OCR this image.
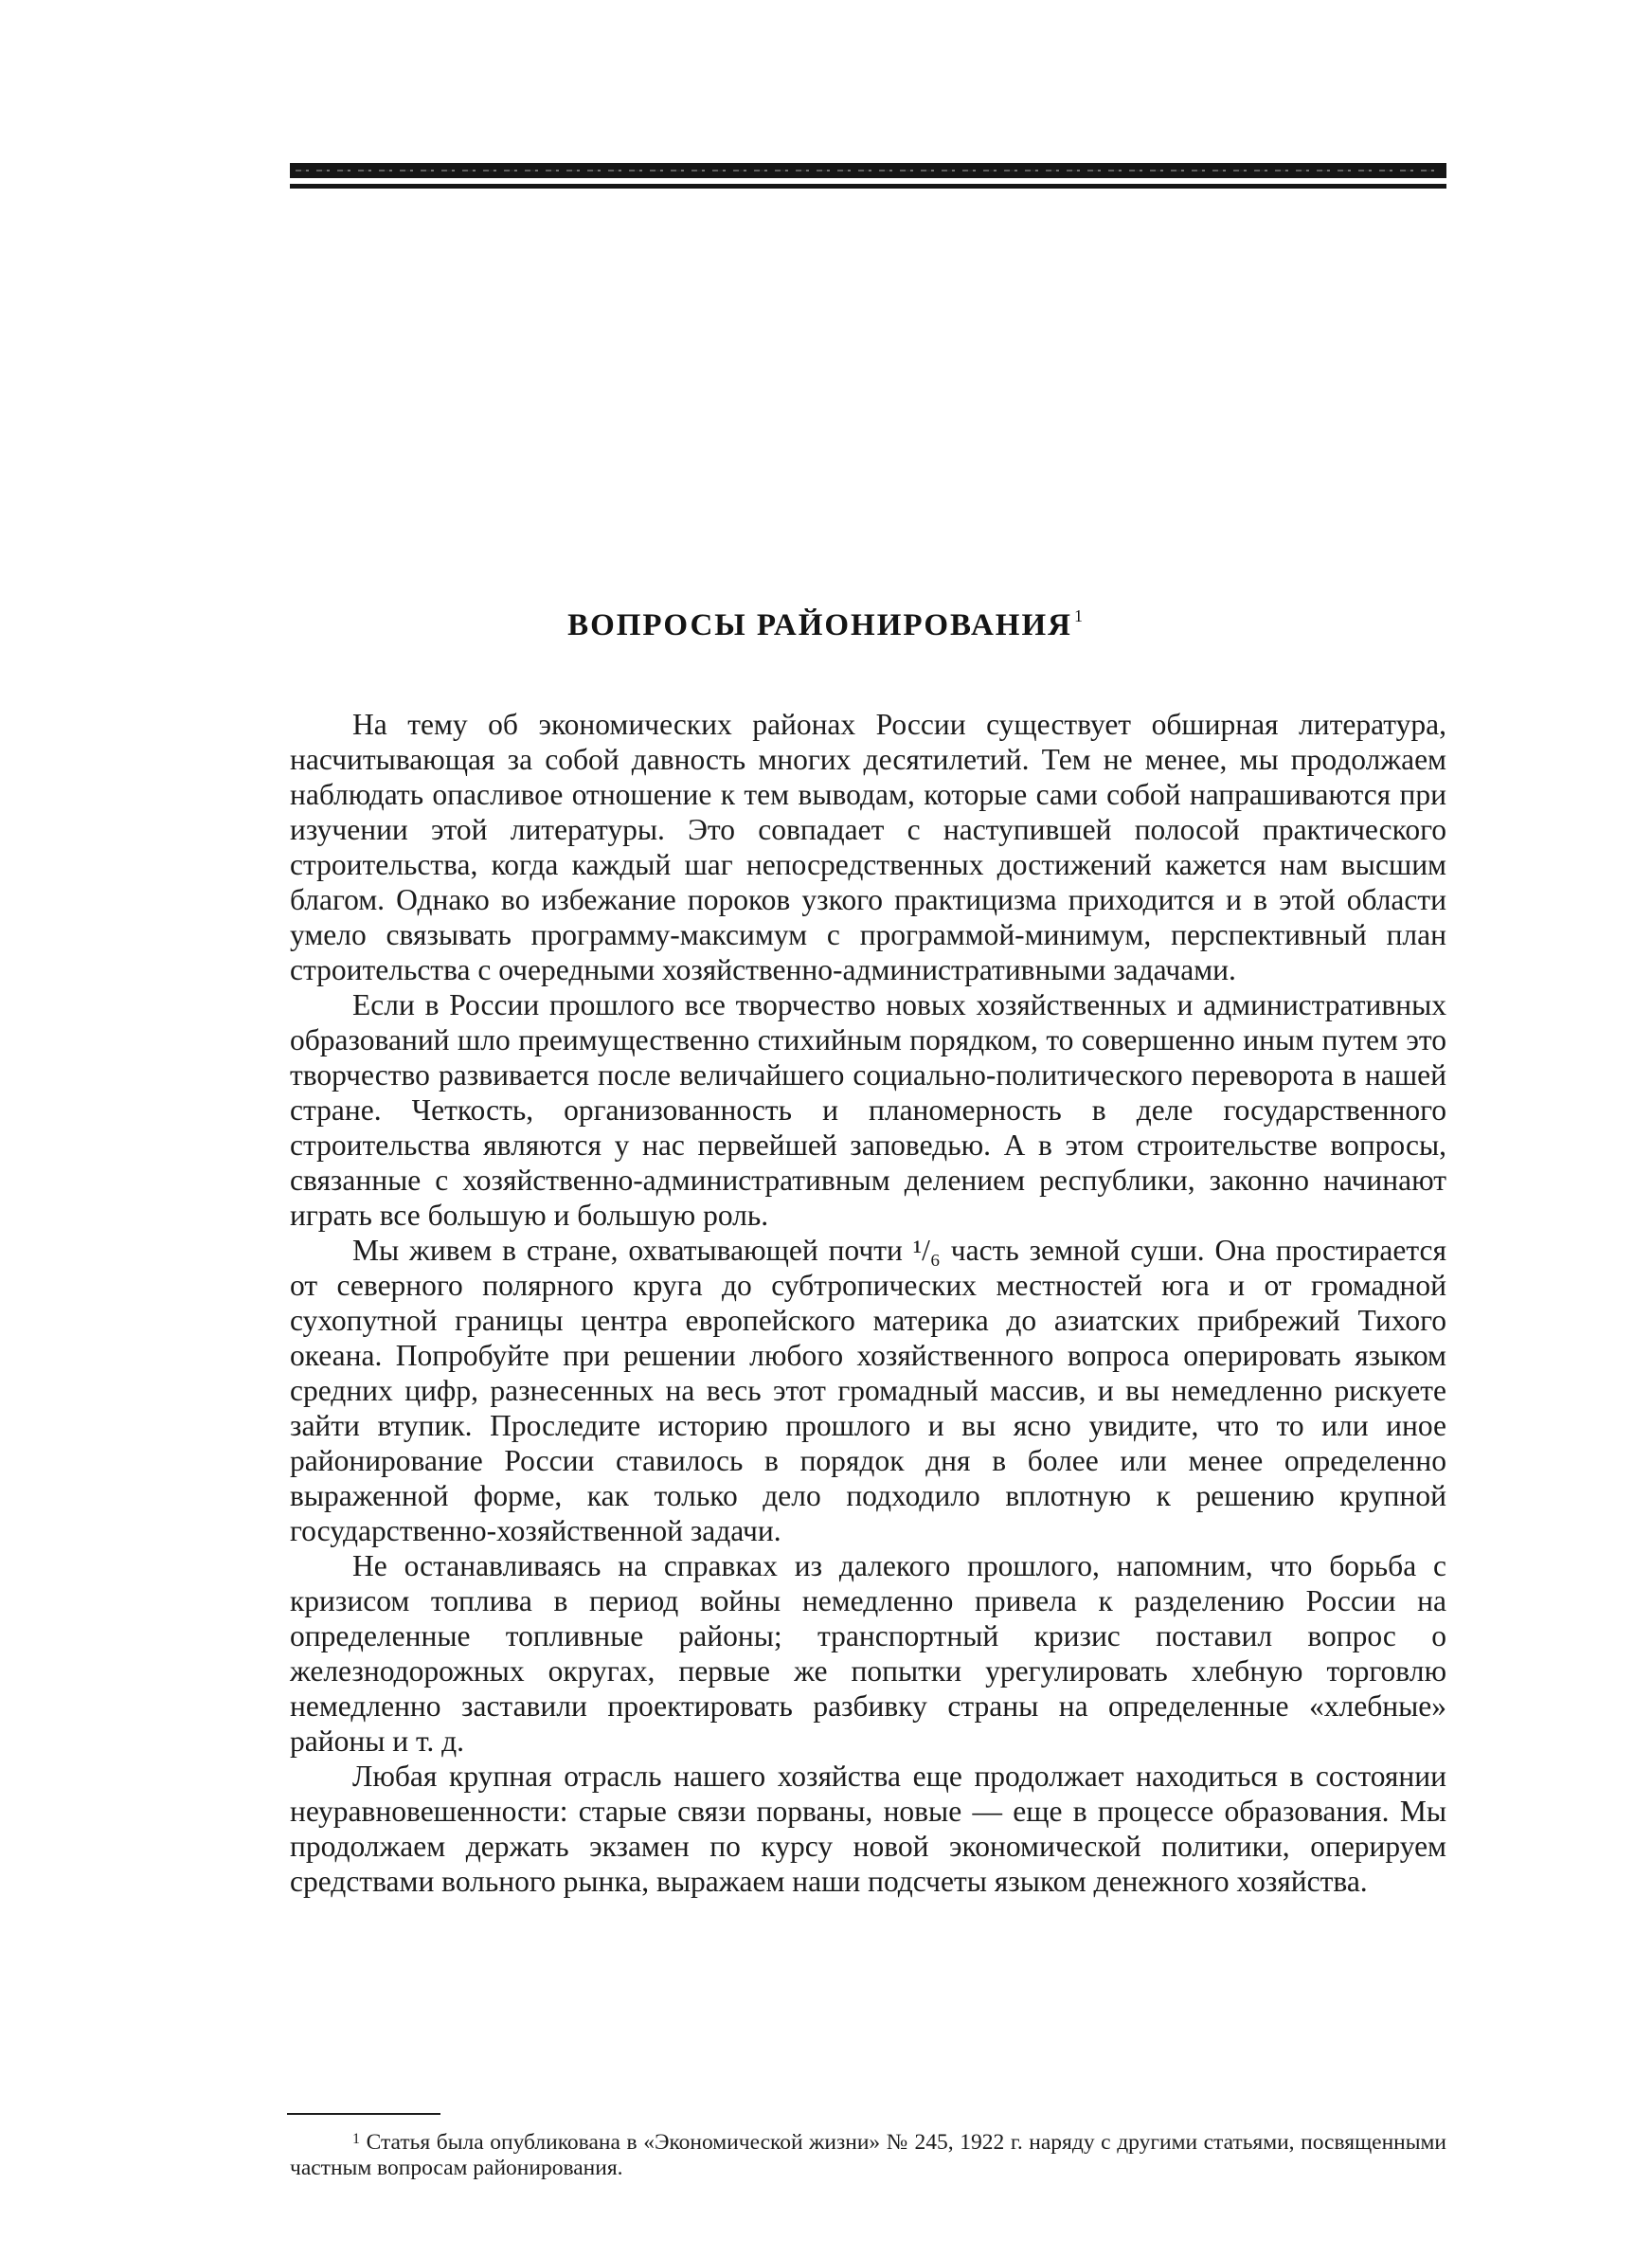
ВОПРОСЫ РАЙОНИРОВАНИЯ $^1$

На тему об экономических районах России существует обширная литература, насчитывающая за собой давность многих десятилетий. Тем не менее, мы продолжаем наблюдать опасливое отношение к тем выводам, которые сами собой напрашиваются при изучении этой литературы. Это совпадает с наступившей полосой практического строительства, когда каждый шаг непосредственных достижений кажется нам высшим благом. Однако во избежание пороков узкого практицизма приходится и в этой области умело связывать программу-максимум с программой-минимум, перспективный план строительства с очередными хозяйственно-административными задачами.

Если в России прошлого все творчество новых хозяйственных и административных образований шло преимущественно стихийным порядком, то совершенно иным путем это творчество развивается после величайшего социально-политического переворота в нашей стране. Четкость, организованность и планомерность в деле государственного строительства являются у нас первейшей заповедью. А в этом строительстве вопросы, связанные с хозяйственно-административным делением республики, законно начинают играть все большую и большую роль.

Мы живем в стране, охватывающей почти ¹/₆ часть земной суши. Она простирается от северного полярного круга до субтропических местностей юга и от громадной сухопутной границы центра европейского материка до азиатских прибрежий Тихого океана. Попробуйте при решении любого хозяйственного вопроса оперировать языком средних цифр, разнесенных на весь этот громадный массив, и вы немедленно рискуете зайти втупик. Проследите историю прошлого и вы ясно увидите, что то или иное районирование России ставилось в порядок дня в более или менее определенно выраженной форме, как только дело подходило вплотную к решению крупной государственно-хозяйственной задачи.

Не останавливаясь на справках из далекого прошлого, напомним, что борьба с кризисом топлива в период войны немедленно привела к разделению России на определенные топливные районы; транспортный кризис поставил вопрос о железнодорожных округах, первые же попытки урегулировать хлебную торговлю немедленно заставили проектировать разбивку страны на определенные «хлебные» районы и т. д.

Любая крупная отрасль нашего хозяйства еще продолжает находиться в состоянии неуравновешенности: старые связи порваны, новые — еще в процессе образования. Мы продолжаем держать экзамен по курсу новой экономической политики, оперируем средствами вольного рынка, выражаем наши подсчеты языком денежного хозяйства.

$^1$ Статья была опубликована в «Экономической жизни» № 245, 1922 г. наряду с другими статьями, посвященными частным вопросам районирования.
